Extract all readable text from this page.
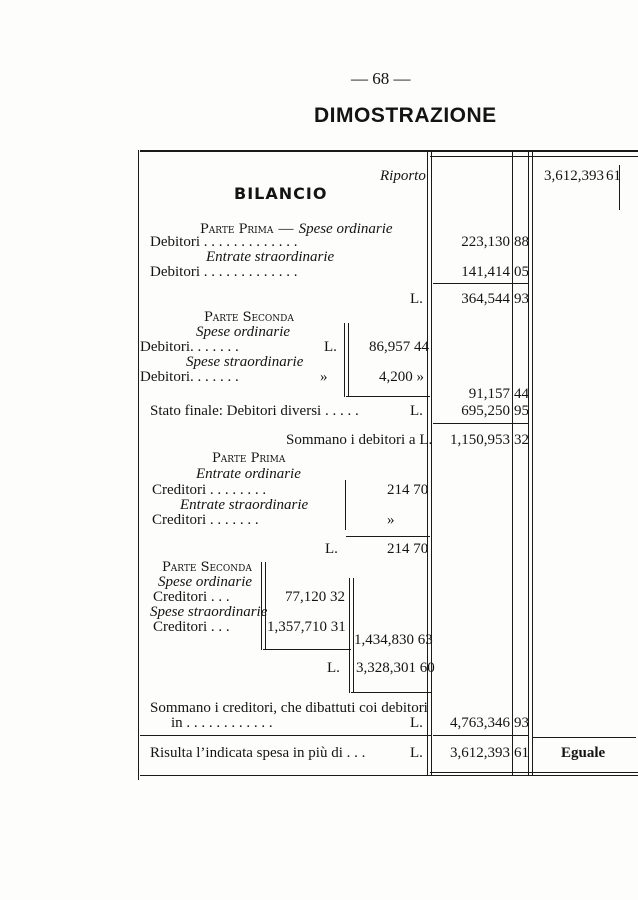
— 68 —
DIMOSTRAZIONE
Riporto	3,612,393 61
BILANCIO
Parte Prima — Spese ordinarie
Debitori . . . . . . . . . . . . .	223,130 88
Entrate straordinarie
Debitori . . . . . . . . . . . . .	141,414 05
L.	364,544 93
Parte Seconda
Spese ordinarie
Debitori. . . . . . .	L. 86,957 44
Spese straordinarie
Debitori. . . . . . .	»	4,200 »
91,157 44
Stato finale: Debitori diversi . . . . .	L.	695,250 95
Sommano i debitori a L.	1,150,953 32
Parte Prima
Entrate ordinarie
Creditori . . . . . . . .	214 70
Entrate straordinarie
Creditori . . . . . . .	»
L.	214 70
Parte Seconda
Spese ordinarie
Creditori . . .	77,120 32
Spese straordinarie
Creditori . . . 1,357,710 31
1,434,830 63
L. 3,328,301 60
Sommano i creditori, che dibattuti coi debitori
in . . . . . . . . . . . .	L.	4,763,346 93
Risulta l’indicata spesa in più di . . .	L.	3,612,393 61 Eguale
